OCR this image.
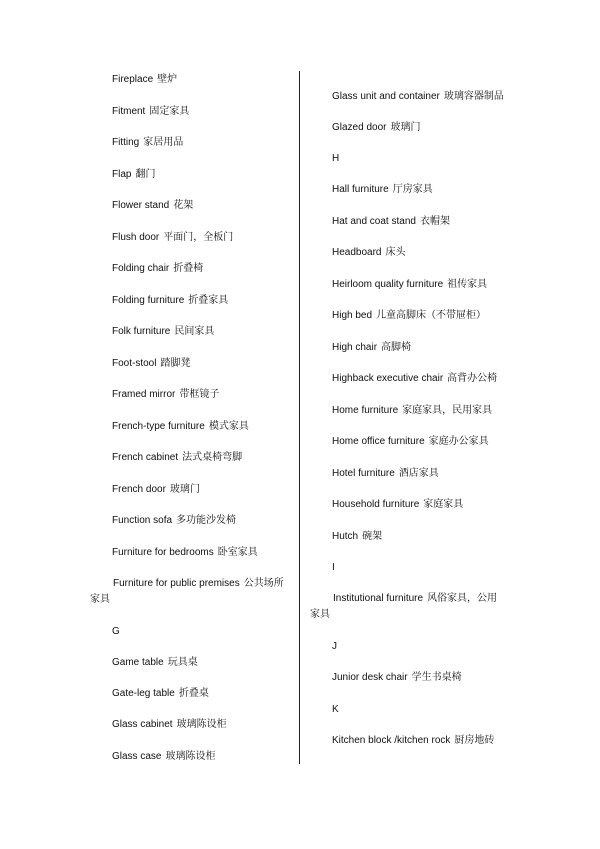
Fireplace 壁炉
Fitment 固定家具
Fitting 家居用品
Flap 翻门
Flower stand 花架
Flush door 平面门，全板门
Folding chair 折叠椅
Folding furniture 折叠家具
Folk furniture 民间家具
Foot-stool 踏脚凳
Framed mirror 带框镜子
French-type furniture 模式家具
French cabinet 法式桌椅弯脚
French door 玻璃门
Function sofa 多功能沙发椅
Furniture for bedrooms 卧室家具
Furniture for public premises 公共场所
家具
G
Game table 玩具桌
Gate-leg table 折叠桌
Glass cabinet 玻璃陈设柜
Glass case 玻璃陈设柜
Glass unit and container 玻璃容器制品
Glazed door 玻璃门
H
Hall furniture 厅房家具
Hat and coat stand 衣帽架
Headboard 床头
Heirloom quality furniture 祖传家具
High bed 儿童高脚床（不带屉柜）
High chair 高脚椅
Highback executive chair 高背办公椅
Home furniture 家庭家具，民用家具
Home office furniture 家庭办公家具
Hotel furniture 酒店家具
Household furniture 家庭家具
Hutch 碗架
I
Institutional furniture 风俗家具，公用
家具
J
Junior desk chair 学生书桌椅
K
Kitchen block /kitchen rock 厨房地砖
